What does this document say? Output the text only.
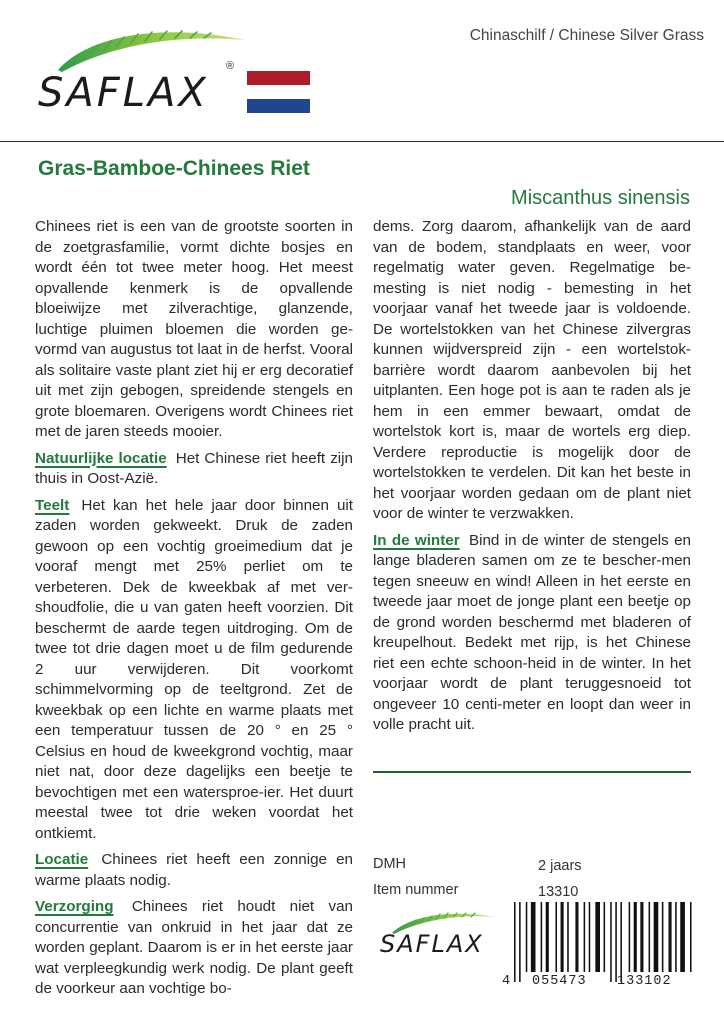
Chinaschilf / Chinese Silver Grass
SAFLAX
®
Gras-Bamboe-Chinees Riet
Miscanthus sinensis

Chinees riet is een van de grootste soorten in de zoetgrasfamilie, vormt dichte bosjes en wordt één tot twee meter hoog. Het meest opvallende kenmerk is de opvallende bloeiwijze met zilverachtige, glanzende, luchtige pluimen bloemen die worden ge-vormd van augustus tot laat in de herfst. Vooral als solitaire vaste plant ziet hij er erg decoratief uit met zijn gebogen, spreidende stengels en grote bloemaren. Overigens wordt Chinees riet met de jaren steeds mooier.

Natuurlijke locatie Het Chinese riet heeft zijn thuis in Oost-Azië.

Teelt Het kan het hele jaar door binnen uit zaden worden gekweekt. Druk de zaden gewoon op een vochtig groeimedium dat je vooraf mengt met 25% perliet om te verbeteren. Dek de kweekbak af met ver-shoudfolie, die u van gaten heeft voorzien. Dit beschermt de aarde tegen uitdroging. Om de twee tot drie dagen moet u de film gedurende 2 uur verwijderen. Dit voorkomt schimmelvorming op de teeltgrond. Zet de kweekbak op een lichte en warme plaats met een temperatuur tussen de 20 ° en 25 ° Celsius en houd de kweekgrond vochtig, maar niet nat, door deze dagelijks een beetje te bevochtigen met een watersproe-ier. Het duurt meestal twee tot drie weken voordat het ontkiemt.

Locatie Chinees riet heeft een zonnige en warme plaats nodig.

Verzorging Chinees riet houdt niet van concurrentie van onkruid in het jaar dat ze worden geplant. Daarom is er in het eerste jaar wat verpleegkundig werk nodig. De plant geeft de voorkeur aan vochtige bo-

dems. Zorg daarom, afhankelijk van de aard van de bodem, standplaats en weer, voor regelmatig water geven. Regelmatige be-mesting is niet nodig - bemesting in het voorjaar vanaf het tweede jaar is voldoende. De wortelstokken van het Chinese zilvergras kunnen wijdverspreid zijn - een wortelstok-barrière wordt daarom aanbevolen bij het uitplanten. Een hoge pot is aan te raden als je hem in een emmer bewaart, omdat de wortelstok kort is, maar de wortels erg diep. Verdere reproductie is mogelijk door de wortelstokken te verdelen. Dit kan het beste in het voorjaar worden gedaan om de plant niet voor de winter te verzwakken.

In de winter Bind in de winter de stengels en lange bladeren samen om ze te bescher-men tegen sneeuw en wind! Alleen in het eerste en tweede jaar moet de jonge plant een beetje op de grond worden beschermd met bladeren of kreupelhout. Bedekt met rijp, is het Chinese riet een echte schoon-heid in de winter. In het voorjaar wordt de plant teruggesnoeid tot ongeveer 10 centi-meter en loopt dan weer in volle pracht uit.

DMH	2 jaars
Item nummer	13310
SAFLAX
4 055473 133102
